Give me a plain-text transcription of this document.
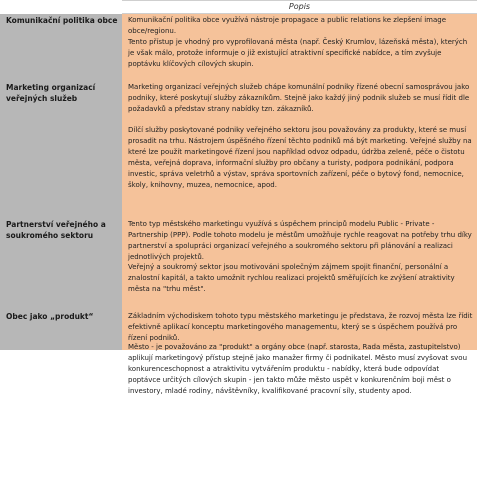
Popis
Komunikační politika obce Komunikační politika obce využívá nástroje propagace a public relations ke zlepšení image obce/regionu.
Tento přístup je vhodný pro vyprofilovaná města (např. Český Krumlov, lázeňská města), kterých je však málo, protože informuje o již existující atraktivní specifické nabídce, a tím zvyšuje poptávku klíčových cílových skupin.
Marketing organizací veřejných služeb
Marketing organizací veřejných služeb chápe komunální podniky řízené obecní samosprávou jako podniky, které poskytují služby zákazníkům. Stejně jako každý jiný podnik služeb se musí řídit dle požadavků a představ strany nabídky tzn. zákazníků.
Dílčí služby poskytované podniky veřejného sektoru jsou považovány za produkty, které se musí prosadit na trhu. Nástrojem úspěšného řízení těchto podniků má být marketing. Veřejné služby na které lze použít marketingové řízení jsou například odvoz odpadu, údržba zeleně, péče o čistotu města, veřejná doprava, informační služby pro občany a turisty, podpora podnikání, podpora investic, správa veletrhů a výstav, správa sportovních zařízení, péče o bytový fond, nemocnice, školy, knihovny, muzea, nemocnice, apod.
Partnerství veřejného a soukromého sektoru
Tento typ městského marketingu využívá s úspěchem principů modelu Public - Private - Partnership (PPP). Podle tohoto modelu je městům umožňuje rychle reagovat na potřeby trhu díky partnerství a spolupráci organizací veřejného a soukromého sektoru při plánování a realizaci jednotlivých projektů.
Veřejný a soukromý sektor jsou motivováni společným zájmem spojit finanční, personální a znalostní kapitál, a takto umožnit rychlou realizaci projektů směřujících ke zvýšení atraktivity města na "trhu měst".
Obec jako „produkt“	Základním východiskem tohoto typu městského marketingu je představa, že rozvoj města lze řídit efektivně aplikací konceptu marketingového managementu, který se s úspěchem používá pro řízení podniků.
Město - je považováno za "produkt" a orgány obce (např. starosta, Rada města, zastupitelstvo) aplikují marketingový přístup stejně jako manažer firmy či podnikatel. Město musí zvyšovat svou konkurenceschopnost a atraktivitu vytvářením produktu - nabídky, která bude odpovídat poptávce určitých cílových skupin - jen takto může město uspět v konkurenčním boji měst o investory, mladé rodiny, návštěvníky, kvalifikované pracovní síly, studenty apod.
